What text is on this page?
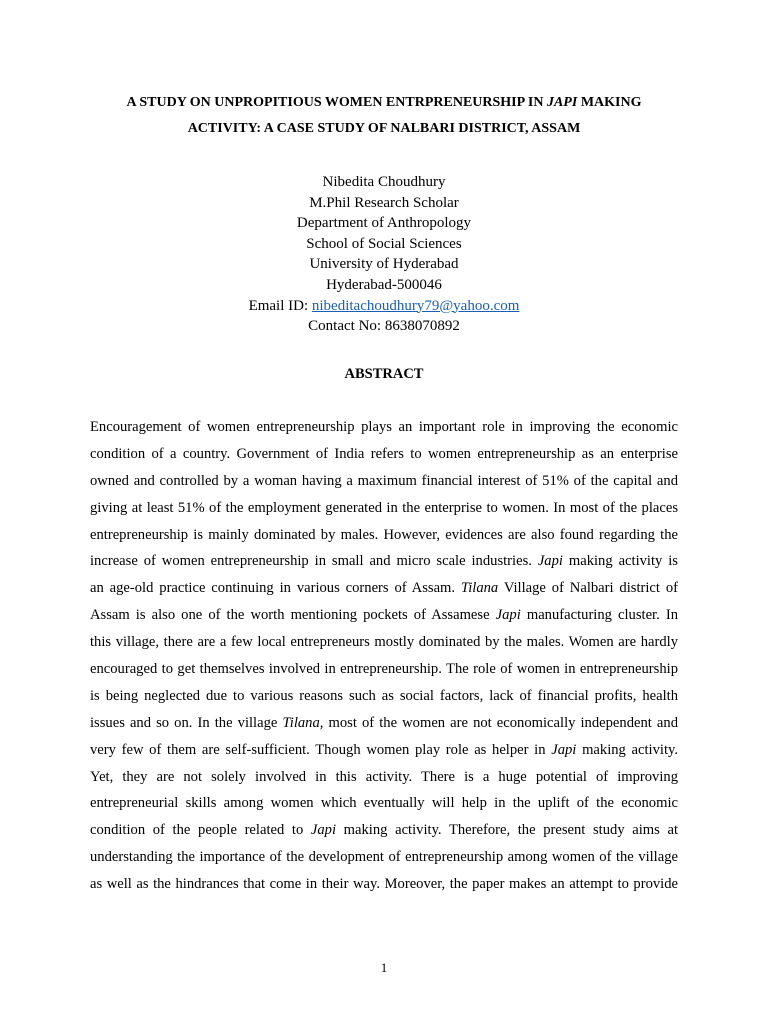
A STUDY ON UNPROPITIOUS WOMEN ENTRPRENEURSHIP IN JAPI MAKING
ACTIVITY: A CASE STUDY OF NALBARI DISTRICT, ASSAM
Nibedita Choudhury
M.Phil Research Scholar
Department of Anthropology
School of Social Sciences
University of Hyderabad
Hyderabad-500046
Email ID: nibeditachoudhury79@yahoo.com
Contact No: 8638070892
ABSTRACT
Encouragement of women entrepreneurship plays an important role in improving the economic
condition of a country. Government of India refers to women entrepreneurship as an enterprise
owned and controlled by a woman having a maximum financial interest of 51% of the capital and
giving at least 51% of the employment generated in the enterprise to women. In most of the places
entrepreneurship is mainly dominated by males. However, evidences are also found regarding the
increase of women entrepreneurship in small and micro scale industries. Japi making activity is
an age-old practice continuing in various corners of Assam. Tilana Village of Nalbari district of
Assam is also one of the worth mentioning pockets of Assamese Japi manufacturing cluster. In
this village, there are a few local entrepreneurs mostly dominated by the males. Women are hardly
encouraged to get themselves involved in entrepreneurship. The role of women in entrepreneurship
is being neglected due to various reasons such as social factors, lack of financial profits, health
issues and so on. In the village Tilana, most of the women are not economically independent and
very few of them are self-sufficient. Though women play role as helper in Japi making activity.
Yet, they are not solely involved in this activity. There is a huge potential of improving
entrepreneurial skills among women which eventually will help in the uplift of the economic
condition of the people related to Japi making activity. Therefore, the present study aims at
understanding the importance of the development of entrepreneurship among women of the village
as well as the hindrances that come in their way. Moreover, the paper makes an attempt to provide
1
